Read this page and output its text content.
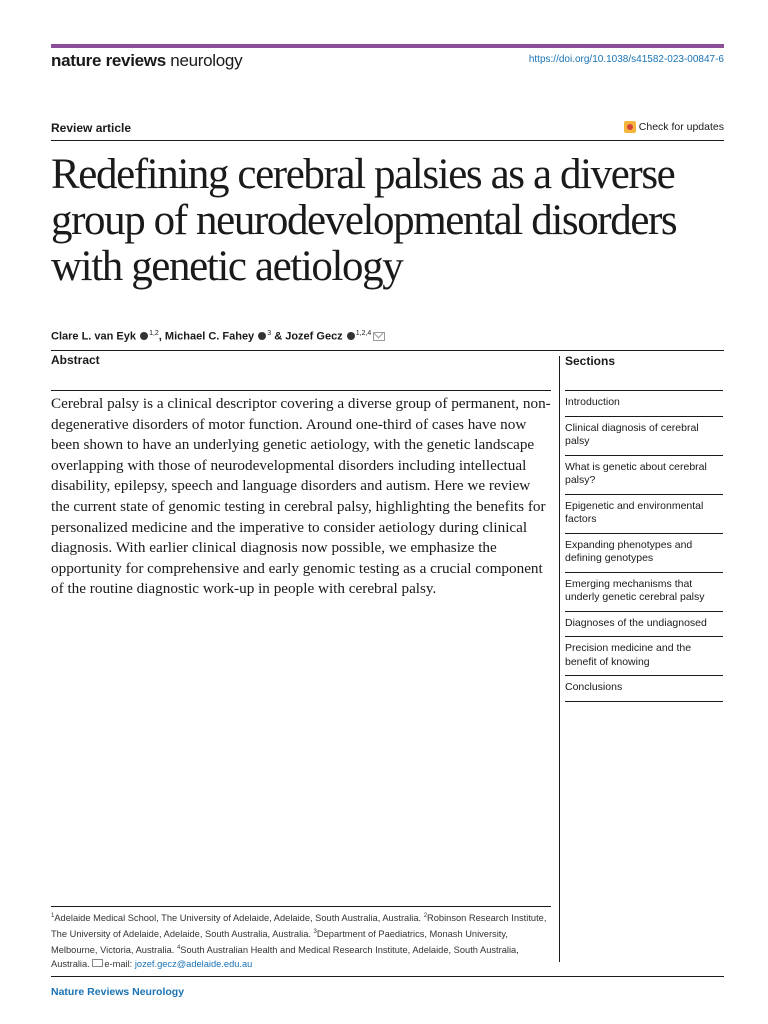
nature reviews neurology	https://doi.org/10.1038/s41582-023-00847-6
Review article	Check for updates
Redefining cerebral palsies as a diverse group of neurodevelopmental disorders with genetic aetiology
Clare L. van Eyk $^{1,2}$, Michael C. Fahey $^3$ & Jozef Gecz $^{1,2,4}$
Abstract

Cerebral palsy is a clinical descriptor covering a diverse group of permanent, non-degenerative disorders of motor function. Around one-third of cases have now been shown to have an underlying genetic aetiology, with the genetic landscape overlapping with those of neurodevelopmental disorders including intellectual disability, epilepsy, speech and language disorders and autism. Here we review the current state of genomic testing in cerebral palsy, highlighting the benefits for personalized medicine and the imperative to consider aetiology during clinical diagnosis. With earlier clinical diagnosis now possible, we emphasize the opportunity for comprehensive and early genomic testing as a crucial component of the routine diagnostic work-up in people with cerebral palsy.

Sections
Introduction
Clinical diagnosis of cerebral palsy
What is genetic about cerebral palsy?
Epigenetic and environmental factors
Expanding phenotypes and defining genotypes
Emerging mechanisms that underly genetic cerebral palsy
Diagnoses of the undiagnosed
Precision medicine and the benefit of knowing
Conclusions

$^1$Adelaide Medical School, The University of Adelaide, Adelaide, South Australia, Australia. $^2$Robinson Research Institute, The University of Adelaide, Adelaide, South Australia, Australia. $^3$Department of Paediatrics, Monash University, Melbourne, Victoria, Australia. $^4$South Australian Health and Medical Research Institute, Adelaide, South Australia, Australia. e-mail: jozef.gecz@adelaide.edu.au

Nature Reviews Neurology
